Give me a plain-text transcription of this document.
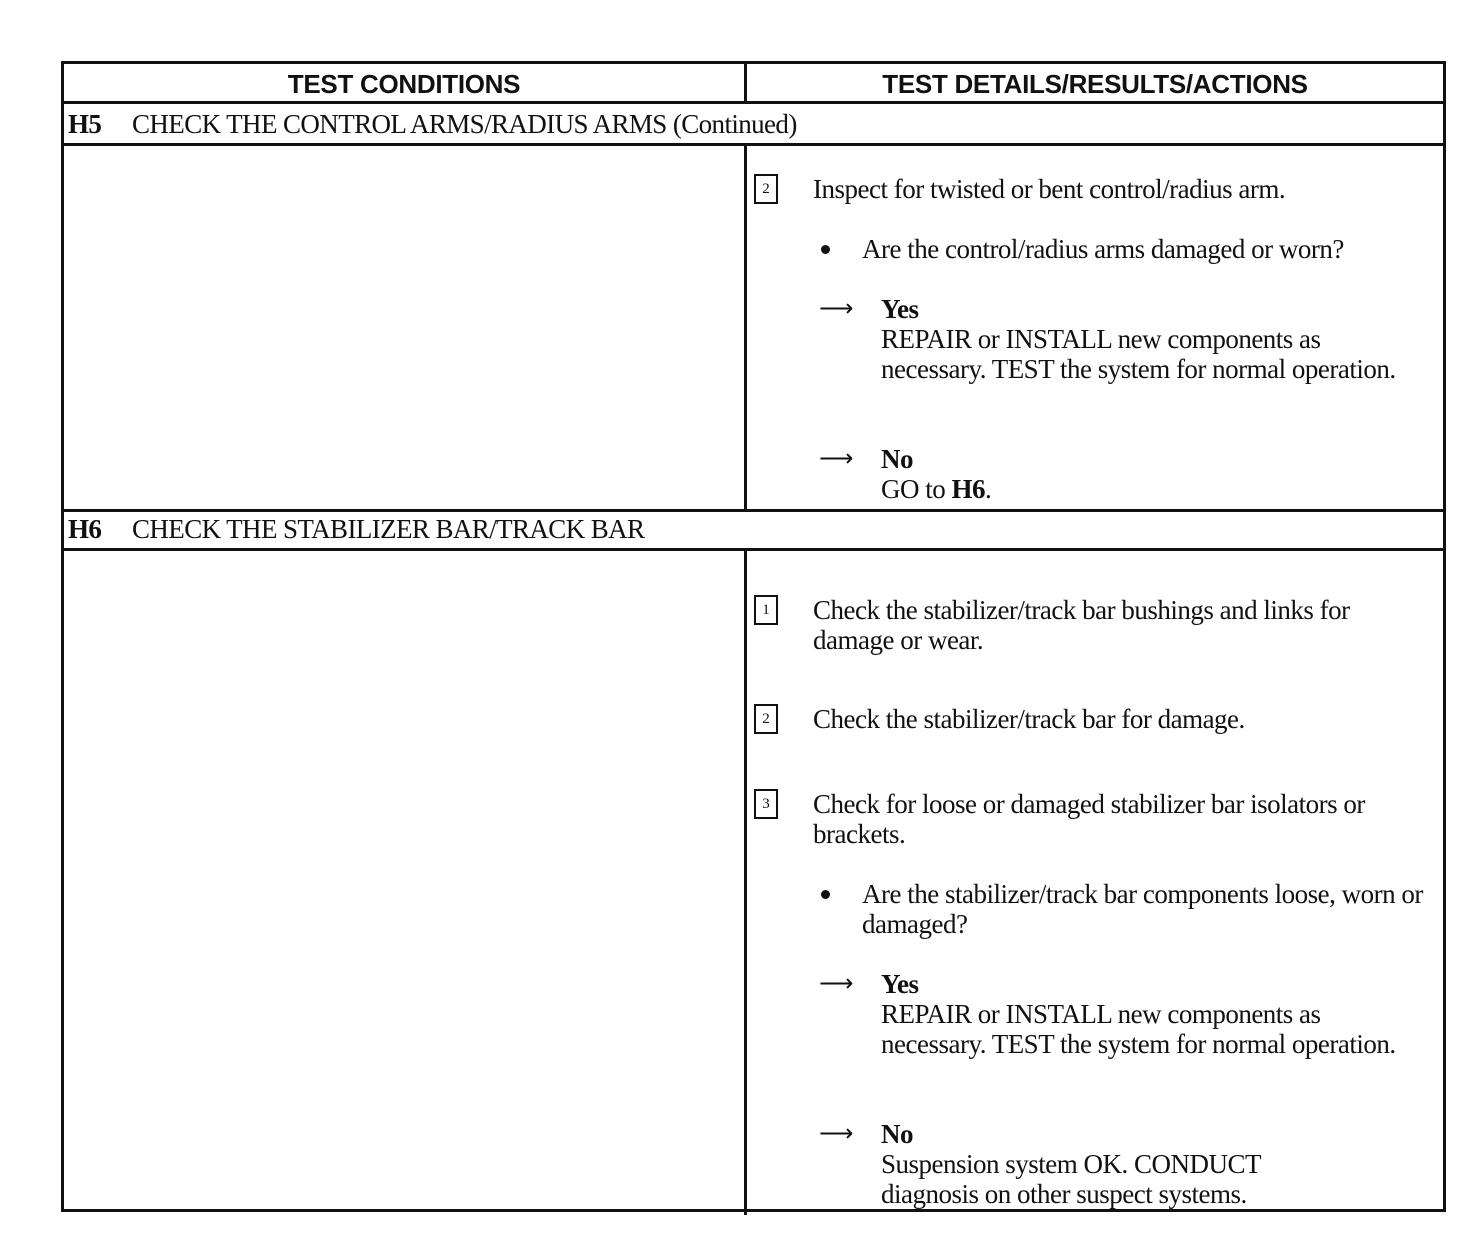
TEST CONDITIONS	TEST DETAILS/RESULTS/ACTIONS
H5	CHECK THE CONTROL ARMS/RADIUS ARMS (Continued)
2	Inspect for twisted or bent control/radius arm.
Are the control/radius arms damaged or worn?
⟶ Yes
REPAIR or INSTALL new components as necessary. TEST the system for normal operation.
⟶ No
GO to H6.
H6	CHECK THE STABILIZER BAR/TRACK BAR
1	Check the stabilizer/track bar bushings and links for damage or wear.
2	Check the stabilizer/track bar for damage.
3	Check for loose or damaged stabilizer bar isolators or brackets.
Are the stabilizer/track bar components loose, worn or damaged?
⟶ Yes
REPAIR or INSTALL new components as necessary. TEST the system for normal operation.
⟶ No
Suspension system OK. CONDUCT diagnosis on other suspect systems.
